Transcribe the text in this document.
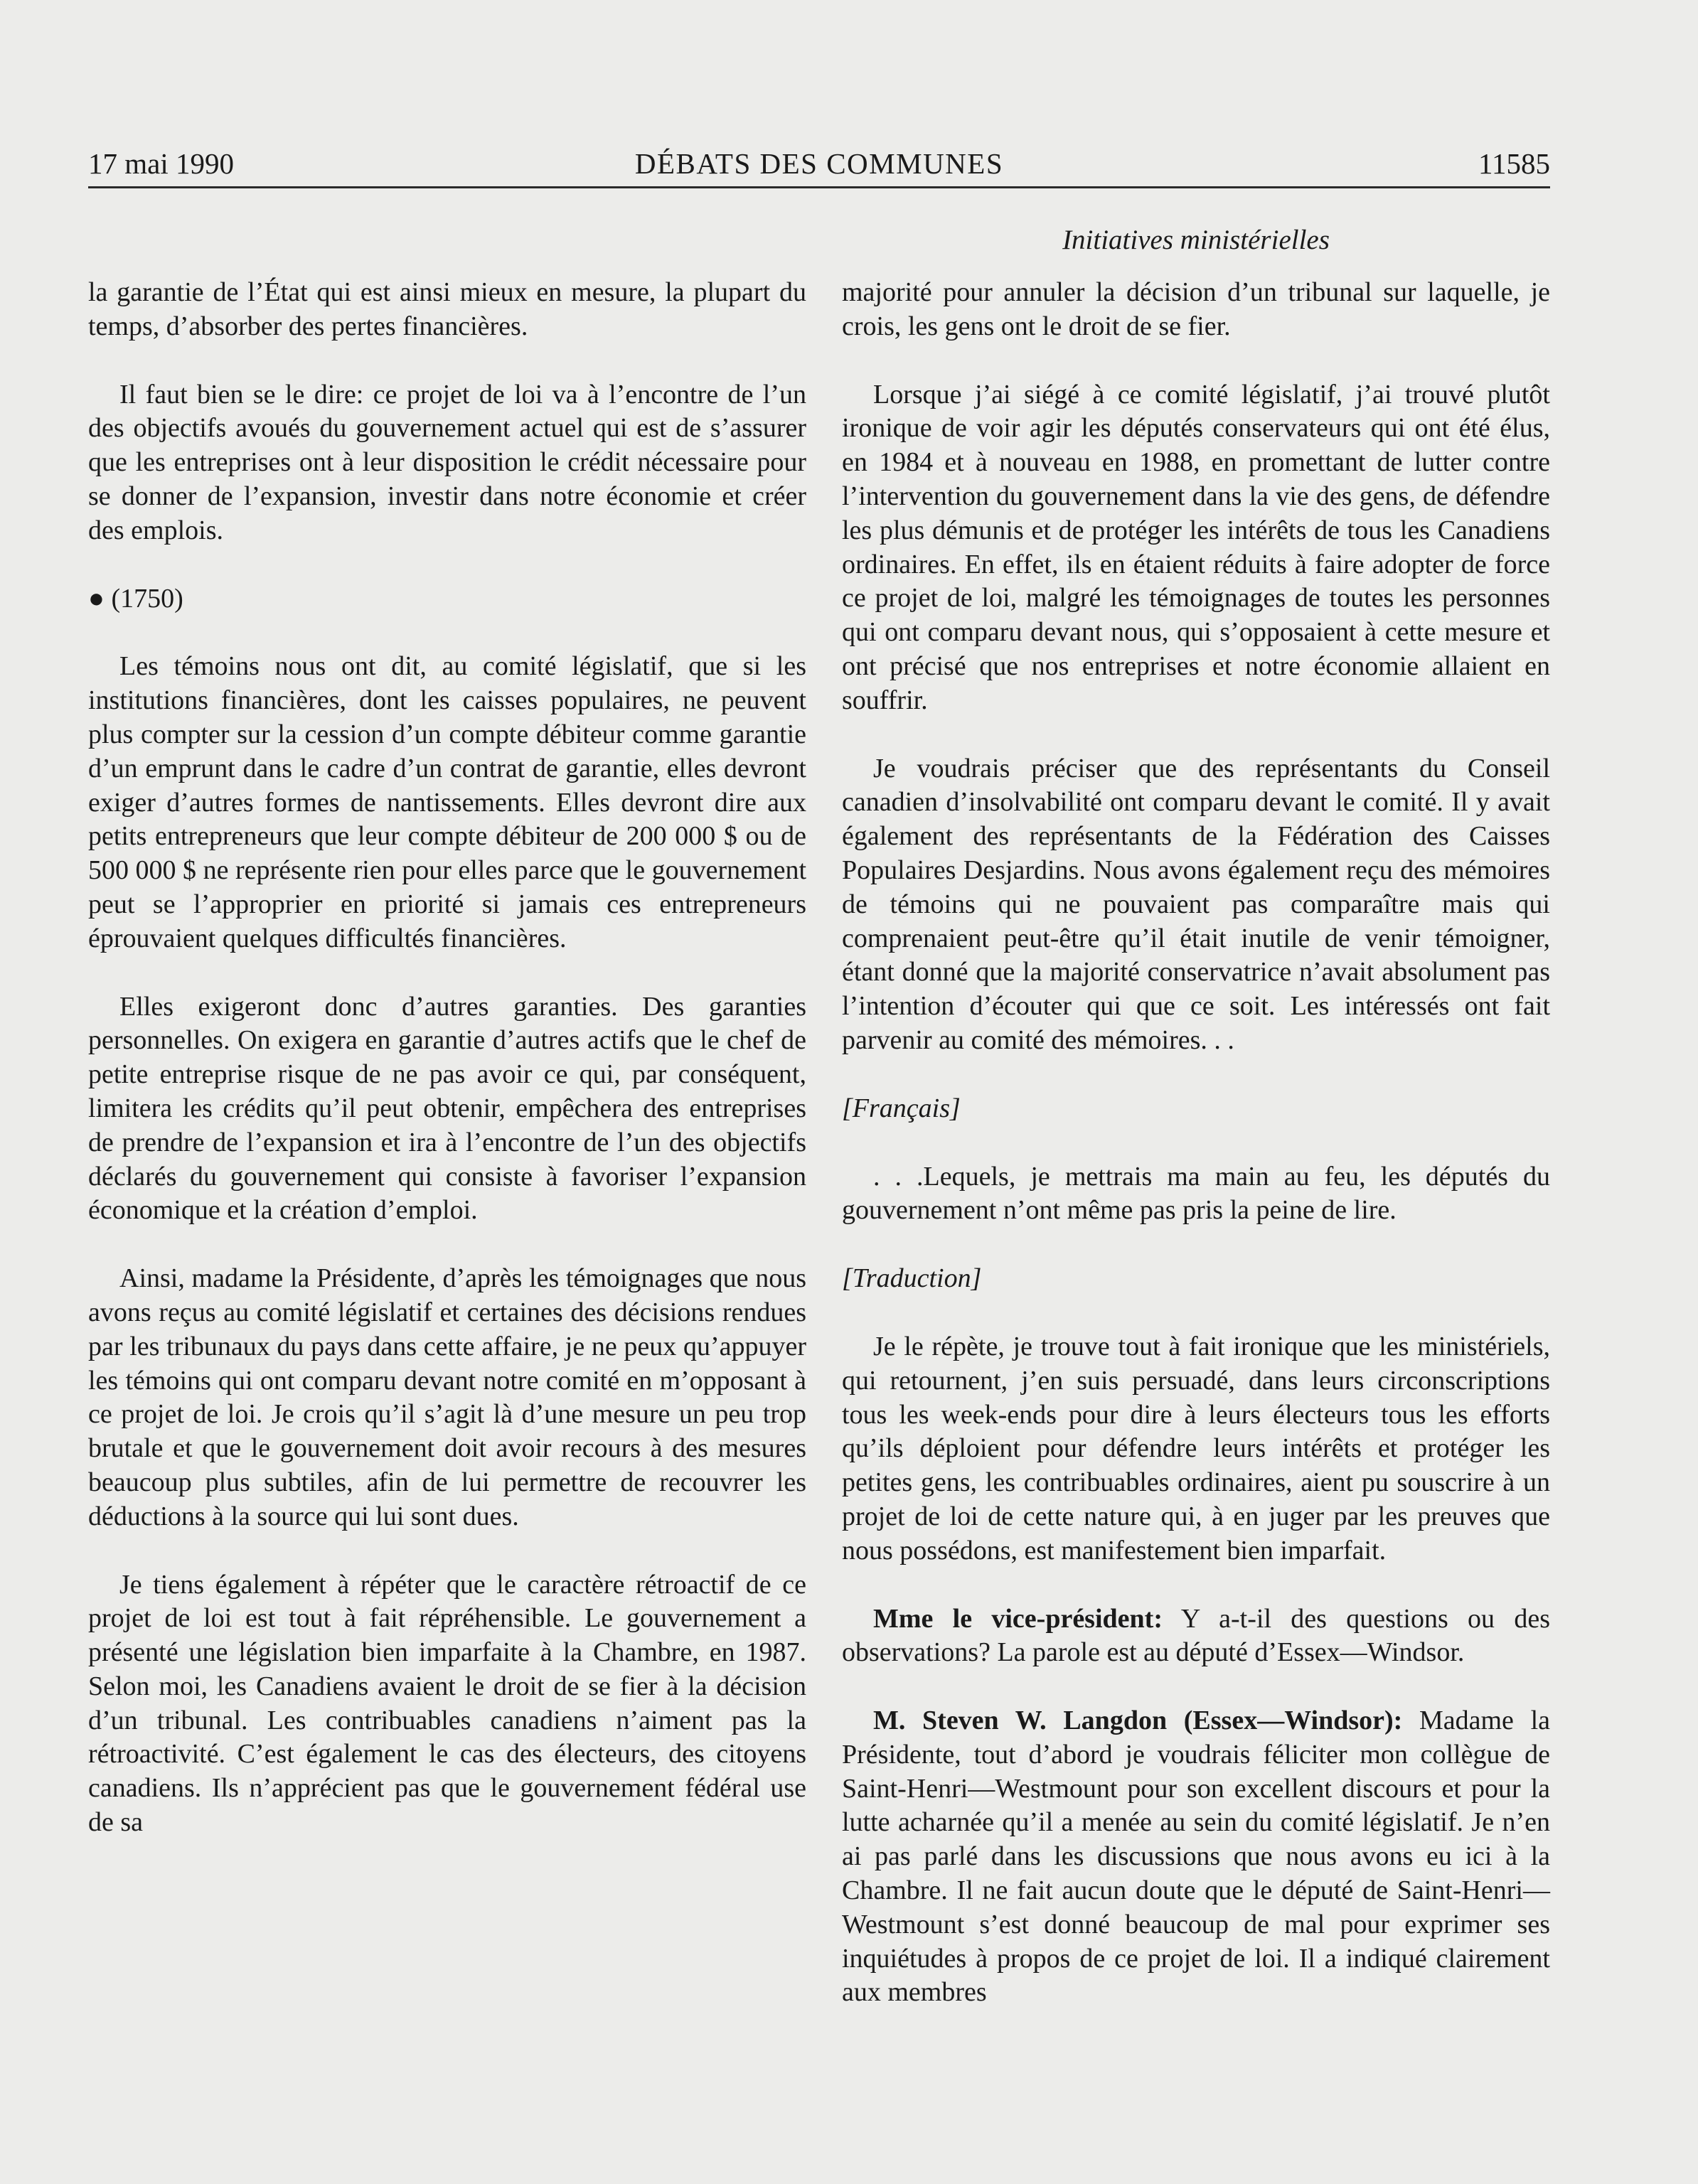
DÉBATS DES COMMUNES
17 mai 1990	11585
Initiatives ministérielles

la garantie de l’État qui est ainsi mieux en mesure, la plupart du temps, d’absorber des pertes financières.

Il faut bien se le dire: ce projet de loi va à l’encontre de l’un des objectifs avoués du gouvernement actuel qui est de s’assurer que les entreprises ont à leur disposition le crédit nécessaire pour se donner de l’expansion, investir dans notre économie et créer des emplois.

● (1750)

Les témoins nous ont dit, au comité législatif, que si les institutions financières, dont les caisses populaires, ne peuvent plus compter sur la cession d’un compte débiteur comme garantie d’un emprunt dans le cadre d’un contrat de garantie, elles devront exiger d’autres formes de nantissements. Elles devront dire aux petits entrepreneurs que leur compte débiteur de 200 000 $ ou de 500 000 $ ne représente rien pour elles parce que le gouvernement peut se l’approprier en priorité si jamais ces entrepreneurs éprouvaient quelques difficultés financières.

Elles exigeront donc d’autres garanties. Des garanties personnelles. On exigera en garantie d’autres actifs que le chef de petite entreprise risque de ne pas avoir ce qui, par conséquent, limitera les crédits qu’il peut obtenir, empêchera des entreprises de prendre de l’expansion et ira à l’encontre de l’un des objectifs déclarés du gouvernement qui consiste à favoriser l’expansion économique et la création d’emploi.

Ainsi, madame la Présidente, d’après les témoignages que nous avons reçus au comité législatif et certaines des décisions rendues par les tribunaux du pays dans cette affaire, je ne peux qu’appuyer les témoins qui ont comparu devant notre comité en m’opposant à ce projet de loi. Je crois qu’il s’agit là d’une mesure un peu trop brutale et que le gouvernement doit avoir recours à des mesures beaucoup plus subtiles, afin de lui permettre de recouvrer les déductions à la source qui lui sont dues.

Je tiens également à répéter que le caractère rétroactif de ce projet de loi est tout à fait répréhensible. Le gouvernement a présenté une législation bien imparfaite à la Chambre, en 1987. Selon moi, les Canadiens avaient le droit de se fier à la décision d’un tribunal. Les contribuables canadiens n’aiment pas la rétroactivité. C’est également le cas des électeurs, des citoyens canadiens. Ils n’apprécient pas que le gouvernement fédéral use de sa

majorité pour annuler la décision d’un tribunal sur laquelle, je crois, les gens ont le droit de se fier.

Lorsque j’ai siégé à ce comité législatif, j’ai trouvé plutôt ironique de voir agir les députés conservateurs qui ont été élus, en 1984 et à nouveau en 1988, en promettant de lutter contre l’intervention du gouvernement dans la vie des gens, de défendre les plus démunis et de protéger les intérêts de tous les Canadiens ordinaires. En effet, ils en étaient réduits à faire adopter de force ce projet de loi, malgré les témoignages de toutes les personnes qui ont comparu devant nous, qui s’opposaient à cette mesure et ont précisé que nos entreprises et notre économie allaient en souffrir.

Je voudrais préciser que des représentants du Conseil canadien d’insolvabilité ont comparu devant le comité. Il y avait également des représentants de la Fédération des Caisses Populaires Desjardins. Nous avons également reçu des mémoires de témoins qui ne pouvaient pas comparaître mais qui comprenaient peut-être qu’il était inutile de venir témoigner, étant donné que la majorité conservatrice n’avait absolument pas l’intention d’écouter qui que ce soit. Les intéressés ont fait parvenir au comité des mémoires. . .

[Français]

. . .Lequels, je mettrais ma main au feu, les députés du gouvernement n’ont même pas pris la peine de lire.

[Traduction]

Je le répète, je trouve tout à fait ironique que les ministériels, qui retournent, j’en suis persuadé, dans leurs circonscriptions tous les week-ends pour dire à leurs électeurs tous les efforts qu’ils déploient pour défendre leurs intérêts et protéger les petites gens, les contribuables ordinaires, aient pu souscrire à un projet de loi de cette nature qui, à en juger par les preuves que nous possédons, est manifestement bien imparfait.

Mme le vice-président: Y a-t-il des questions ou des observations? La parole est au député d’Essex—Windsor.

M. Steven W. Langdon (Essex—Windsor): Madame la Présidente, tout d’abord je voudrais féliciter mon collègue de Saint-Henri—Westmount pour son excellent discours et pour la lutte acharnée qu’il a menée au sein du comité législatif. Je n’en ai pas parlé dans les discussions que nous avons eu ici à la Chambre. Il ne fait aucun doute que le député de Saint-Henri—Westmount s’est donné beaucoup de mal pour exprimer ses inquiétudes à propos de ce projet de loi. Il a indiqué clairement aux membres
